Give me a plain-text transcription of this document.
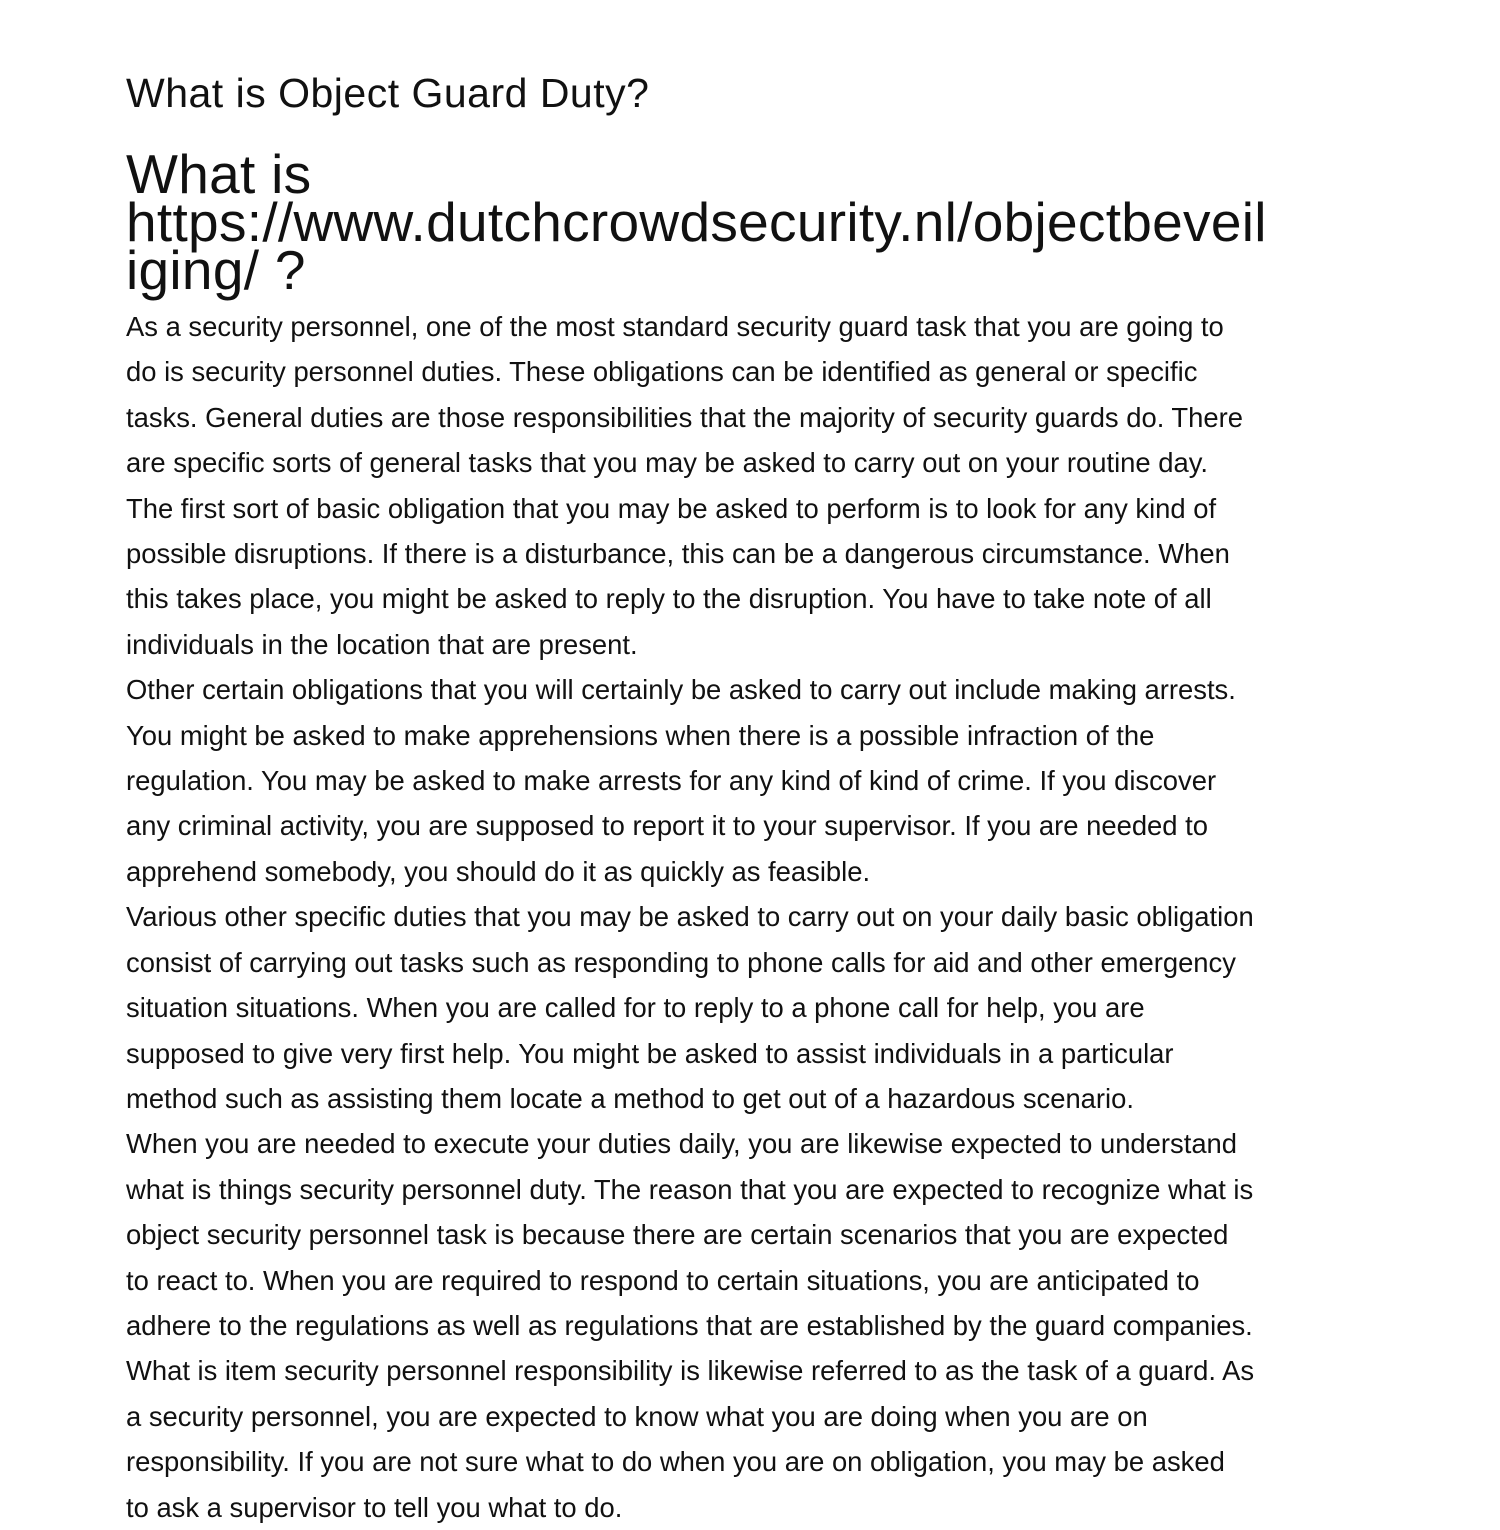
What is Object Guard Duty?
What is
https://www.dutchcrowdsecurity.nl/objectbeveil
iging/ ?
As a security personnel, one of the most standard security guard task that you are going to
do is security personnel duties. These obligations can be identified as general or specific
tasks. General duties are those responsibilities that the majority of security guards do. There
are specific sorts of general tasks that you may be asked to carry out on your routine day.
The first sort of basic obligation that you may be asked to perform is to look for any kind of
possible disruptions. If there is a disturbance, this can be a dangerous circumstance. When
this takes place, you might be asked to reply to the disruption. You have to take note of all
individuals in the location that are present.
Other certain obligations that you will certainly be asked to carry out include making arrests.
You might be asked to make apprehensions when there is a possible infraction of the
regulation. You may be asked to make arrests for any kind of kind of crime. If you discover
any criminal activity, you are supposed to report it to your supervisor. If you are needed to
apprehend somebody, you should do it as quickly as feasible.
Various other specific duties that you may be asked to carry out on your daily basic obligation
consist of carrying out tasks such as responding to phone calls for aid and other emergency
situation situations. When you are called for to reply to a phone call for help, you are
supposed to give very first help. You might be asked to assist individuals in a particular
method such as assisting them locate a method to get out of a hazardous scenario.
When you are needed to execute your duties daily, you are likewise expected to understand
what is things security personnel duty. The reason that you are expected to recognize what is
object security personnel task is because there are certain scenarios that you are expected
to react to. When you are required to respond to certain situations, you are anticipated to
adhere to the regulations as well as regulations that are established by the guard companies.
What is item security personnel responsibility is likewise referred to as the task of a guard. As
a security personnel, you are expected to know what you are doing when you are on
responsibility. If you are not sure what to do when you are on obligation, you may be asked
to ask a supervisor to tell you what to do.
